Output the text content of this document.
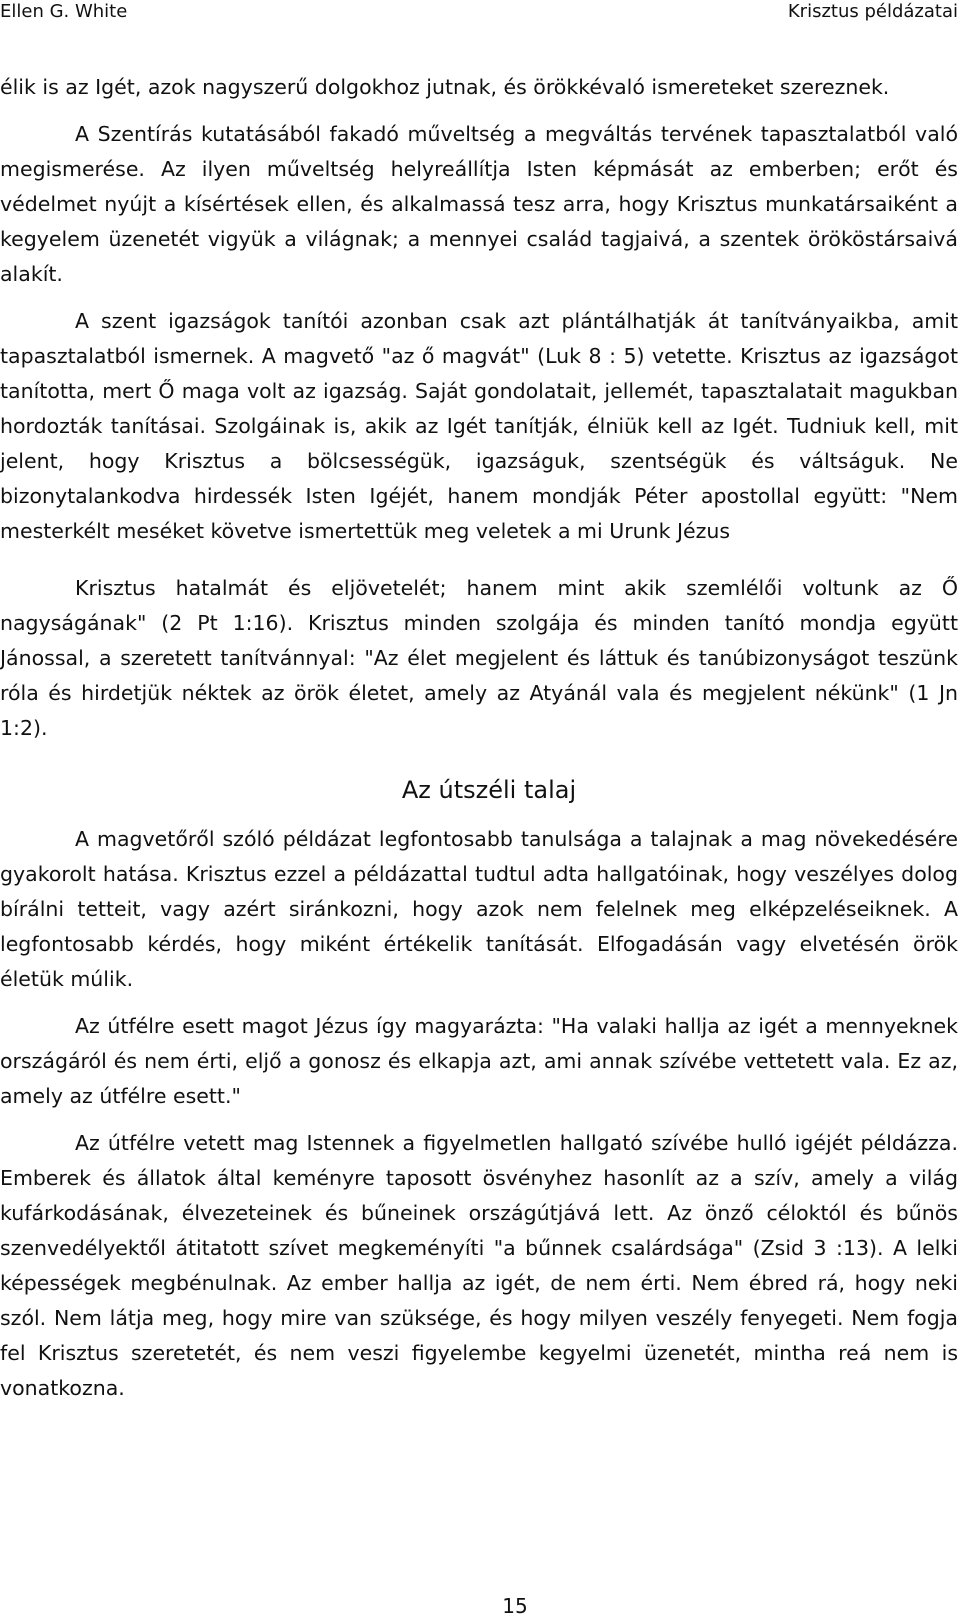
Ellen G. White	Krisztus példázatai

élik is az Igét, azok nagyszerű dolgokhoz jutnak, és örökkévaló ismereteket szereznek.

A Szentírás kutatásából fakadó műveltség a megváltás tervének tapasztalatból való megismerése. Az ilyen műveltség helyreállítja Isten képmását az emberben; erőt és védelmet nyújt a kísértések ellen, és alkalmassá tesz arra, hogy Krisztus munkatársaiként a kegyelem üzenetét vigyük a világnak; a mennyei család tagjaivá, a szentek örököstársaivá alakít.

A szent igazságok tanítói azonban csak azt plántálhatják át tanítványaikba, amit tapasztalatból ismernek. A magvető "az ő magvát" (Luk 8 : 5) vetette. Krisztus az igazságot tanította, mert Ő maga volt az igazság. Saját gondolatait, jellemét, tapasztalatait magukban hordozták tanításai. Szolgáinak is, akik az Igét tanítják, élniük kell az Igét. Tudniuk kell, mit jelent, hogy Krisztus a bölcsességük, igazságuk, szentségük és váltságuk. Ne bizonytalankodva hirdessék Isten Igéjét, hanem mondják Péter apostollal együtt: "Nem mesterkélt meséket követve ismertettük meg veletek a mi Urunk Jézus

Krisztus hatalmát és eljövetelét; hanem mint akik szemlélői voltunk az Ő nagyságának" (2 Pt 1:16). Krisztus minden szolgája és minden tanító mondja együtt Jánossal, a szeretett tanítvánnyal: "Az élet megjelent és láttuk és tanúbizonyságot teszünk róla és hirdetjük néktek az örök életet, amely az Atyánál vala és megjelent nékünk" (1 Jn 1:2).

Az útszéli talaj

A magvetőről szóló példázat legfontosabb tanulsága a talajnak a mag növekedésére gyakorolt hatása. Krisztus ezzel a példázattal tudtul adta hallgatóinak, hogy veszélyes dolog bírálni tetteit, vagy azért siránkozni, hogy azok nem felelnek meg elképzeléseiknek. A legfontosabb kérdés, hogy miként értékelik tanítását. Elfogadásán vagy elvetésén örök életük múlik.

Az útfélre esett magot Jézus így magyarázta: "Ha valaki hallja az igét a mennyeknek országáról és nem érti, eljő a gonosz és elkapja azt, ami annak szívébe vettetett vala. Ez az, amely az útfélre esett."

Az útfélre vetett mag Istennek a figyelmetlen hallgató szívébe hulló igéjét példázza. Emberek és állatok által keményre taposott ösvényhez hasonlít az a szív, amely a világ kufárkodásának, élvezeteinek és bűneinek országútjává lett. Az önző céloktól és bűnös szenvedélyektől átitatott szívet megkeményíti "a bűnnek csalárdsága" (Zsid 3 :13). A lelki képességek megbénulnak. Az ember hallja az igét, de nem érti. Nem ébred rá, hogy neki szól. Nem látja meg, hogy mire van szüksége, és hogy milyen veszély fenyegeti. Nem fogja fel Krisztus szeretetét, és nem veszi figyelembe kegyelmi üzenetét, mintha reá nem is vonatkozna.

15
